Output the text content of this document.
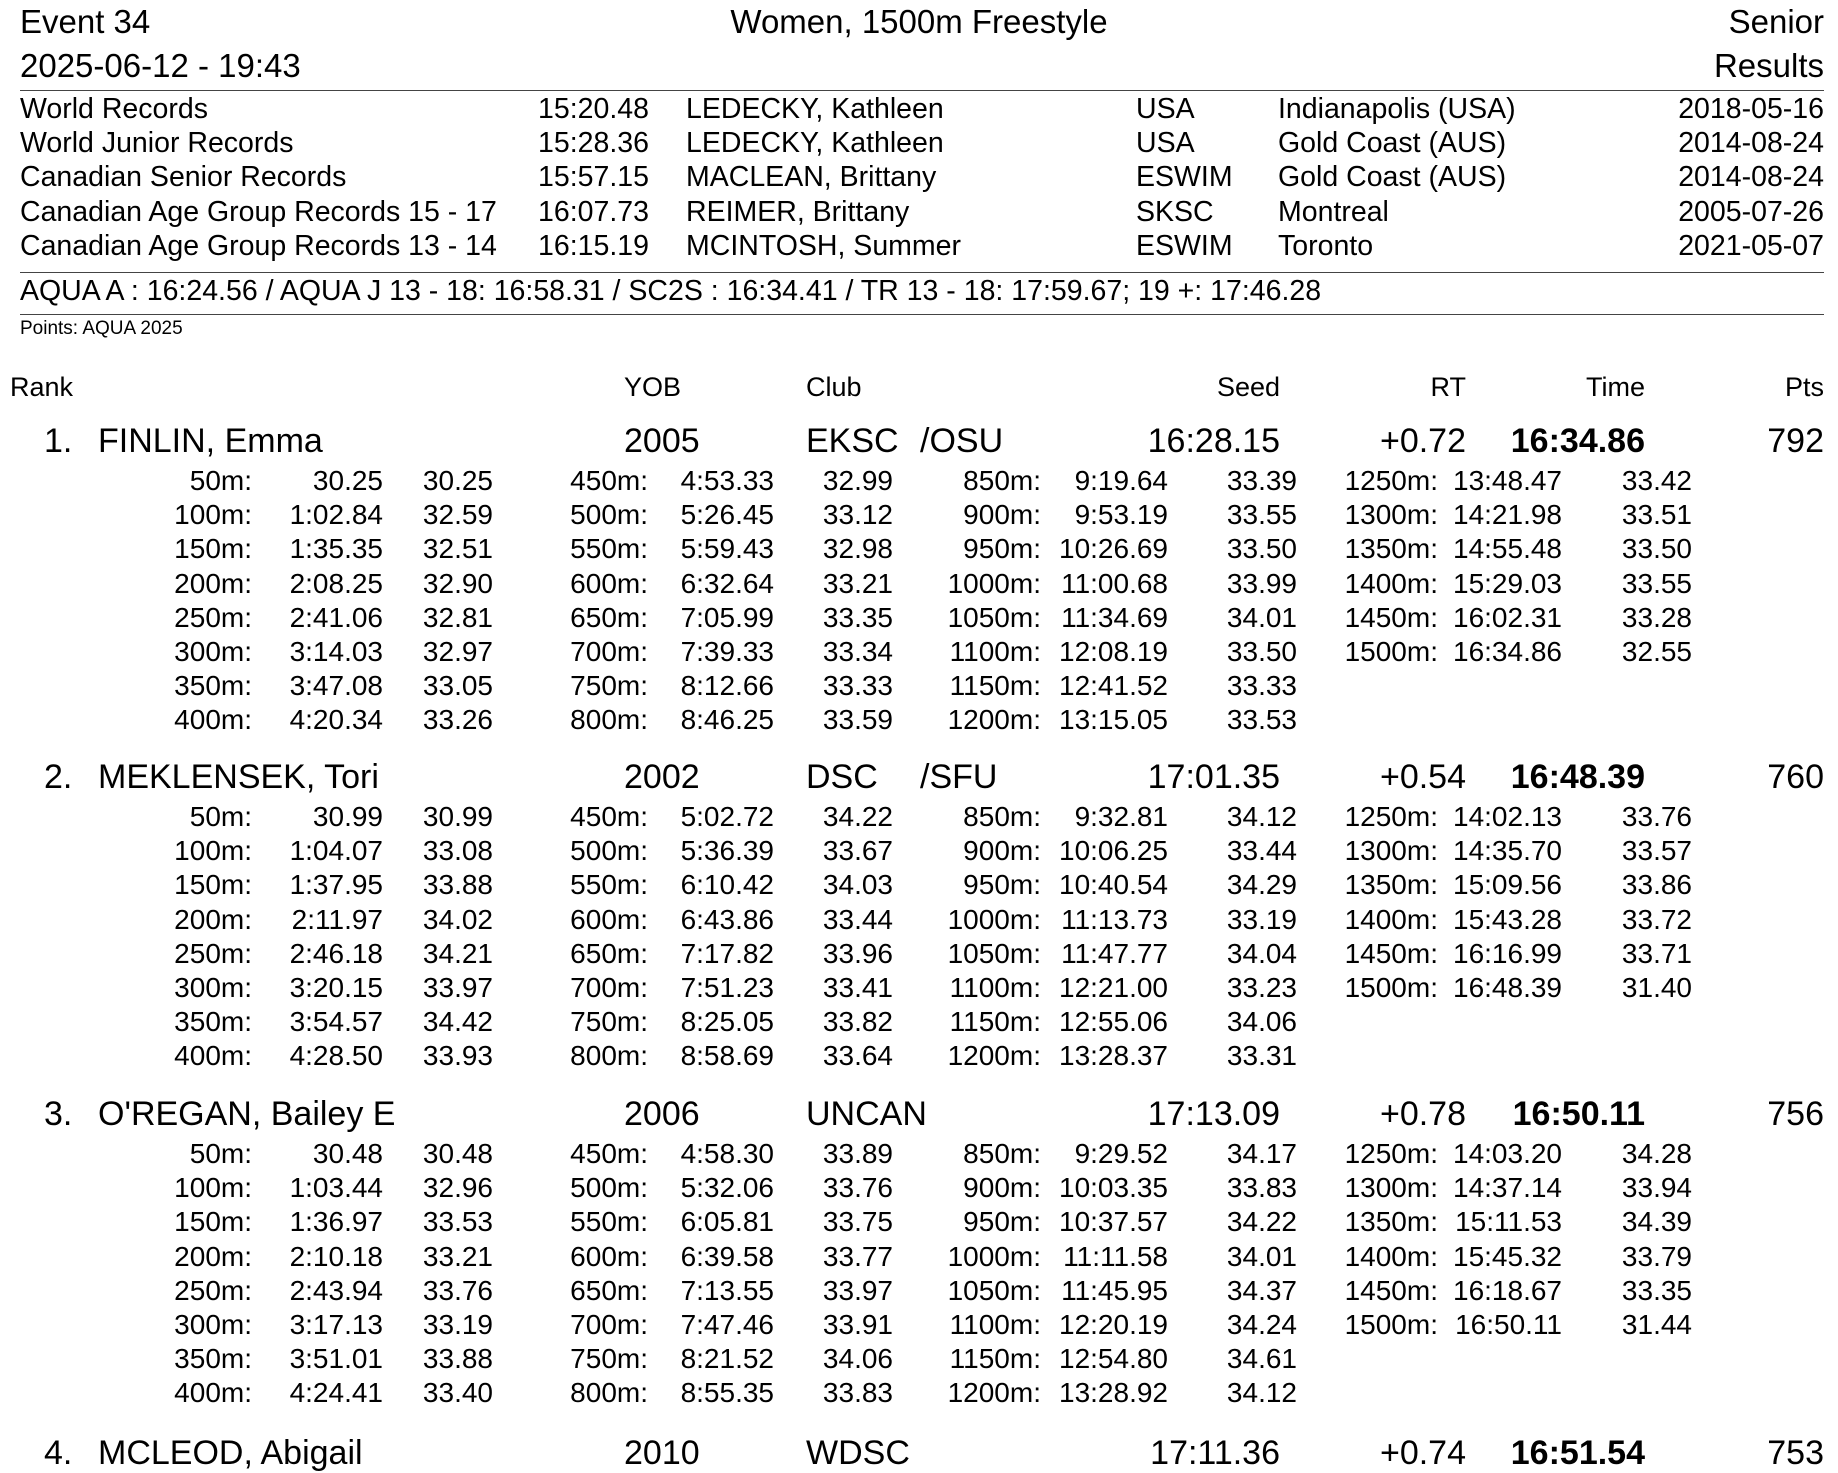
Event 34	Women, 1500m Freestyle	Senior
2025-06-12 - 19:43	Results
World Records	15:20.48 LEDECKY, Kathleen	USA	Indianapolis (USA)	2018-05-16
World Junior Records	15:28.36 LEDECKY, Kathleen	USA	Gold Coast (AUS)	2014-08-24
Canadian Senior Records	15:57.15 MACLEAN, Brittany	ESWIM Gold Coast (AUS)	2014-08-24
Canadian Age Group Records 15 - 17 16:07.73 REIMER, Brittany	SKSC Montreal	2005-07-26
Canadian Age Group Records 13 - 14 16:15.19 MCINTOSH, Summer	ESWIM Toronto	2021-05-07
AQUA A : 16:24.56 / AQUA J 13 - 18: 16:58.31 / SC2S : 16:34.41 / TR 13 - 18: 17:59.67; 19 +: 17:46.28
Points: AQUA 2025
Rank	YOB	Club	Seed	RT	Time	Pts
1. FINLIN, Emma	2005	EKSC /OSU	16:28.15	+0.72 16:34.86	792
50m: 30.25 30.25	450m: 4:53.33 32.99	850m: 9:19.64 33.39 1250m: 13:48.47 33.42
100m: 1:02.84 32.59	500m: 5:26.45 33.12	900m: 9:53.19 33.55 1300m: 14:21.98 33.51
150m: 1:35.35 32.51	550m: 5:59.43 32.98	950m: 10:26.69 33.50 1350m: 14:55.48 33.50
200m: 2:08.25 32.90	600m: 6:32.64 33.21 1000m: 11:00.68 33.99 1400m: 15:29.03 33.55
250m: 2:41.06 32.81	650m: 7:05.99 33.35 1050m: 11:34.69 34.01 1450m: 16:02.31 33.28
300m: 3:14.03 32.97	700m: 7:39.33 33.34 1100m: 12:08.19 33.50 1500m: 16:34.86 32.55
350m: 3:47.08 33.05	750m: 8:12.66 33.33 1150m: 12:41.52 33.33
400m: 4:20.34 33.26	800m: 8:46.25 33.59 1200m: 13:15.05 33.53
2. MEKLENSEK, Tori	2002	DSC /SFU	17:01.35	+0.54 16:48.39	760
50m: 30.99 30.99	450m: 5:02.72 34.22	850m: 9:32.81 34.12 1250m: 14:02.13 33.76
100m: 1:04.07 33.08	500m: 5:36.39 33.67	900m: 10:06.25 33.44 1300m: 14:35.70 33.57
150m: 1:37.95 33.88	550m: 6:10.42 34.03	950m: 10:40.54 34.29 1350m: 15:09.56 33.86
200m: 2:11.97 34.02	600m: 6:43.86 33.44 1000m: 11:13.73 33.19 1400m: 15:43.28 33.72
250m: 2:46.18 34.21	650m: 7:17.82 33.96 1050m: 11:47.77 34.04 1450m: 16:16.99 33.71
300m: 3:20.15 33.97	700m: 7:51.23 33.41 1100m: 12:21.00 33.23 1500m: 16:48.39 31.40
350m: 3:54.57 34.42	750m: 8:25.05 33.82 1150m: 12:55.06 34.06
400m: 4:28.50 33.93	800m: 8:58.69 33.64 1200m: 13:28.37 33.31
3. O'REGAN, Bailey E	2006	UNCAN	17:13.09	+0.78 16:50.11	756
50m: 30.48 30.48	450m: 4:58.30 33.89	850m: 9:29.52 34.17 1250m: 14:03.20 34.28
100m: 1:03.44 32.96	500m: 5:32.06 33.76	900m: 10:03.35 33.83 1300m: 14:37.14 33.94
150m: 1:36.97 33.53	550m: 6:05.81 33.75	950m: 10:37.57 34.22 1350m: 15:11.53 34.39
200m: 2:10.18 33.21	600m: 6:39.58 33.77 1000m: 11:11.58 34.01 1400m: 15:45.32 33.79
250m: 2:43.94 33.76	650m: 7:13.55 33.97 1050m: 11:45.95 34.37 1450m: 16:18.67 33.35
300m: 3:17.13 33.19	700m: 7:47.46 33.91 1100m: 12:20.19 34.24 1500m: 16:50.11 31.44
350m: 3:51.01 33.88	750m: 8:21.52 34.06 1150m: 12:54.80 34.61
400m: 4:24.41 33.40	800m: 8:55.35 33.83 1200m: 13:28.92 34.12
4. MCLEOD, Abigail	2010	WDSC	17:11.36	+0.74 16:51.54	753
